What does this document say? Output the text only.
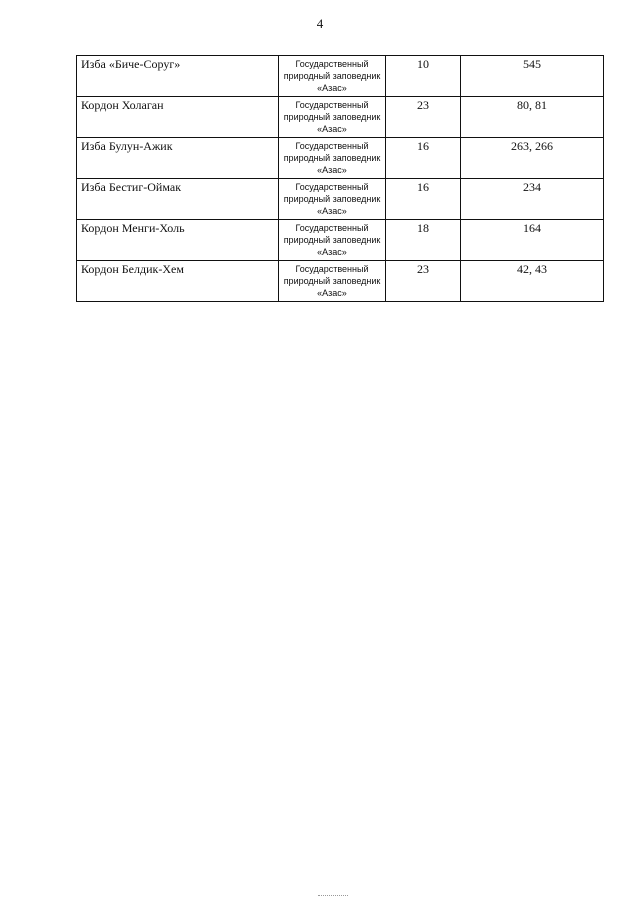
4
Изба «Биче-Соруг»	Государственный природный заповедник «Азас»	10	545
Кордон Холаган	Государственный природный заповедник «Азас»	23	80, 81
Изба Булун-Ажик	Государственный природный заповедник «Азас»	16	263, 266
Изба Бестиг-Оймак	Государственный природный заповедник «Азас»	16	234
Кордон Менги-Холь	Государственный природный заповедник «Азас»	18	164
Кордон Белдик-Хем	Государственный природный заповедник «Азас»	23	42, 43
